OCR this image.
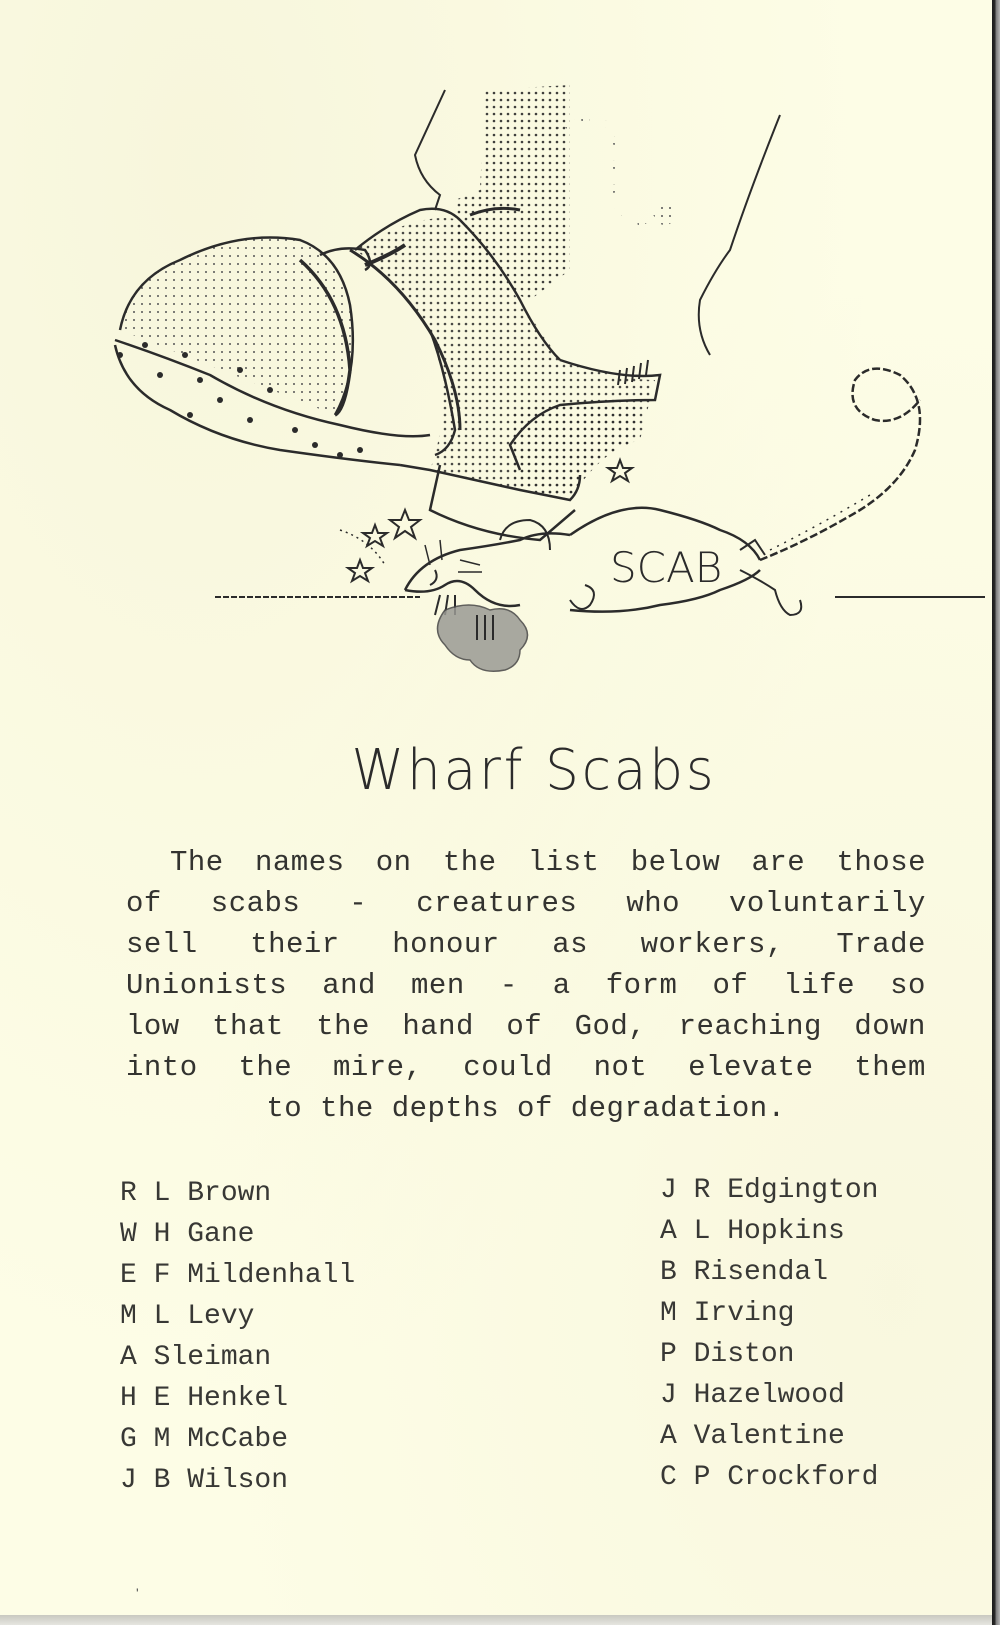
SCAB
Wharf Scabs
The names on the list below are those
of scabs - creatures who voluntarily
sell their honour as workers, Trade
Unionists and men - a form of life so
low that the hand of God, reaching down
into the mire, could not elevate them
to the depths of degradation.
R L Brown
W H Gane
E F Mildenhall
M L Levy
A Sleiman
H E Henkel
G M McCabe
J B Wilson
J R Edgington
A L Hopkins
B Risendal
M Irving
P Diston
J Hazelwood
A Valentine
C P Crockford
'
